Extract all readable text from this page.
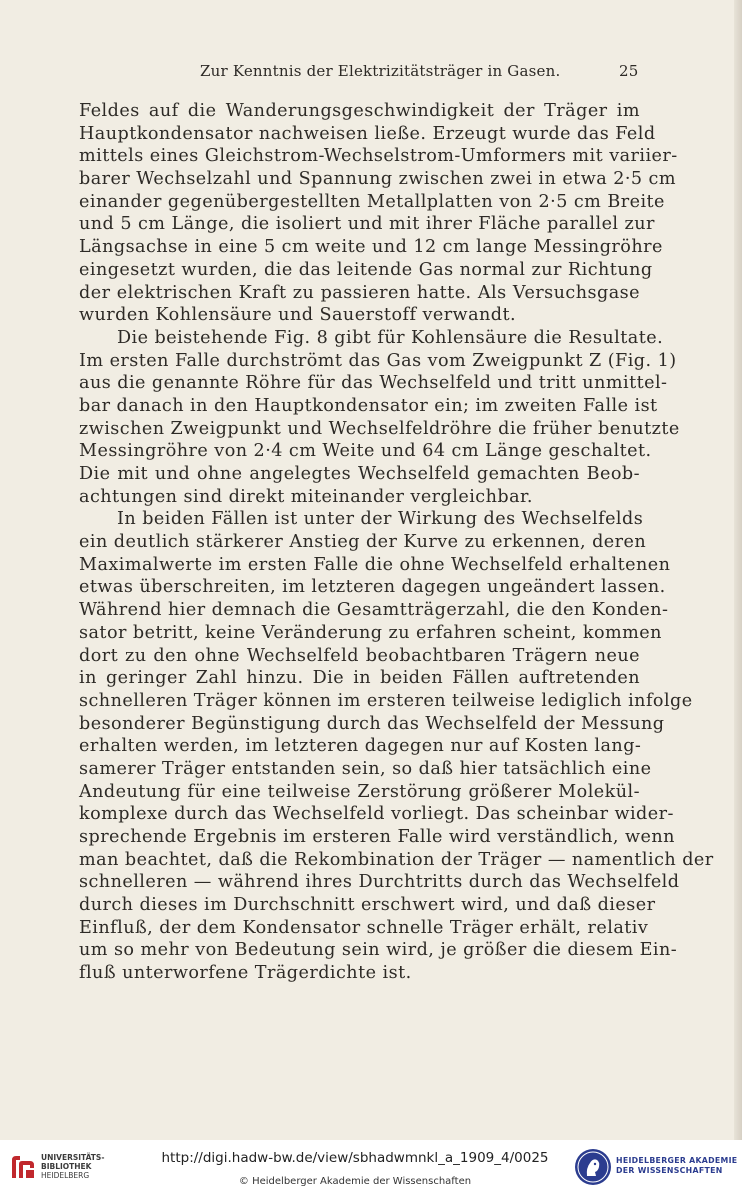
Zur Kenntnis der Elektrizitätsträger in Gasen.	25
Feldes auf die Wanderungsgeschwindigkeit der Träger im
Hauptkondensator nachweisen ließe. Erzeugt wurde das Feld
mittels eines Gleichstrom-Wechselstrom-Umformers mit variier-
barer Wechselzahl und Spannung zwischen zwei in etwa 2·5 cm
einander gegenübergestellten Metallplatten von 2·5 cm Breite
und 5 cm Länge, die isoliert und mit ihrer Fläche parallel zur
Längsachse in eine 5 cm weite und 12 cm lange Messingröhre
eingesetzt wurden, die das leitende Gas normal zur Richtung
der elektrischen Kraft zu passieren hatte. Als Versuchsgase
wurden Kohlensäure und Sauerstoff verwandt.
Die beistehende Fig. 8 gibt für Kohlensäure die Resultate.
Im ersten Falle durchströmt das Gas vom Zweigpunkt Z (Fig. 1)
aus die genannte Röhre für das Wechselfeld und tritt unmittel-
bar danach in den Hauptkondensator ein; im zweiten Falle ist
zwischen Zweigpunkt und Wechselfeldröhre die früher benutzte
Messingröhre von 2·4 cm Weite und 64 cm Länge geschaltet.
Die mit und ohne angelegtes Wechselfeld gemachten Beob-
achtungen sind direkt miteinander vergleichbar.
In beiden Fällen ist unter der Wirkung des Wechselfelds
ein deutlich stärkerer Anstieg der Kurve zu erkennen, deren
Maximalwerte im ersten Falle die ohne Wechselfeld erhaltenen
etwas überschreiten, im letzteren dagegen ungeändert lassen.
Während hier demnach die Gesamtträgerzahl, die den Konden-
sator betritt, keine Veränderung zu erfahren scheint, kommen
dort zu den ohne Wechselfeld beobachtbaren Trägern neue
in geringer Zahl hinzu. Die in beiden Fällen auftretenden
schnelleren Träger können im ersteren teilweise lediglich infolge
besonderer Begünstigung durch das Wechselfeld der Messung
erhalten werden, im letzteren dagegen nur auf Kosten lang-
samerer Träger entstanden sein, so daß hier tatsächlich eine
Andeutung für eine teilweise Zerstörung größerer Molekül-
komplexe durch das Wechselfeld vorliegt. Das scheinbar wider-
sprechende Ergebnis im ersteren Falle wird verständlich, wenn
man beachtet, daß die Rekombination der Träger — namentlich der
schnelleren — während ihres Durchtritts durch das Wechselfeld
durch dieses im Durchschnitt erschwert wird, und daß dieser
Einfluß, der dem Kondensator schnelle Träger erhält, relativ
um so mehr von Bedeutung sein wird, je größer die diesem Ein-
fluß unterworfene Trägerdichte ist.
UNIVERSITÄTS-
BIBLIOTHEK
HEIDELBERG
http://digi.hadw-bw.de/view/sbhadwmnkl_a_1909_4/0025
© Heidelberger Akademie der Wissenschaften
HEIDELBERGER AKADEMIE
DER WISSENSCHAFTEN
